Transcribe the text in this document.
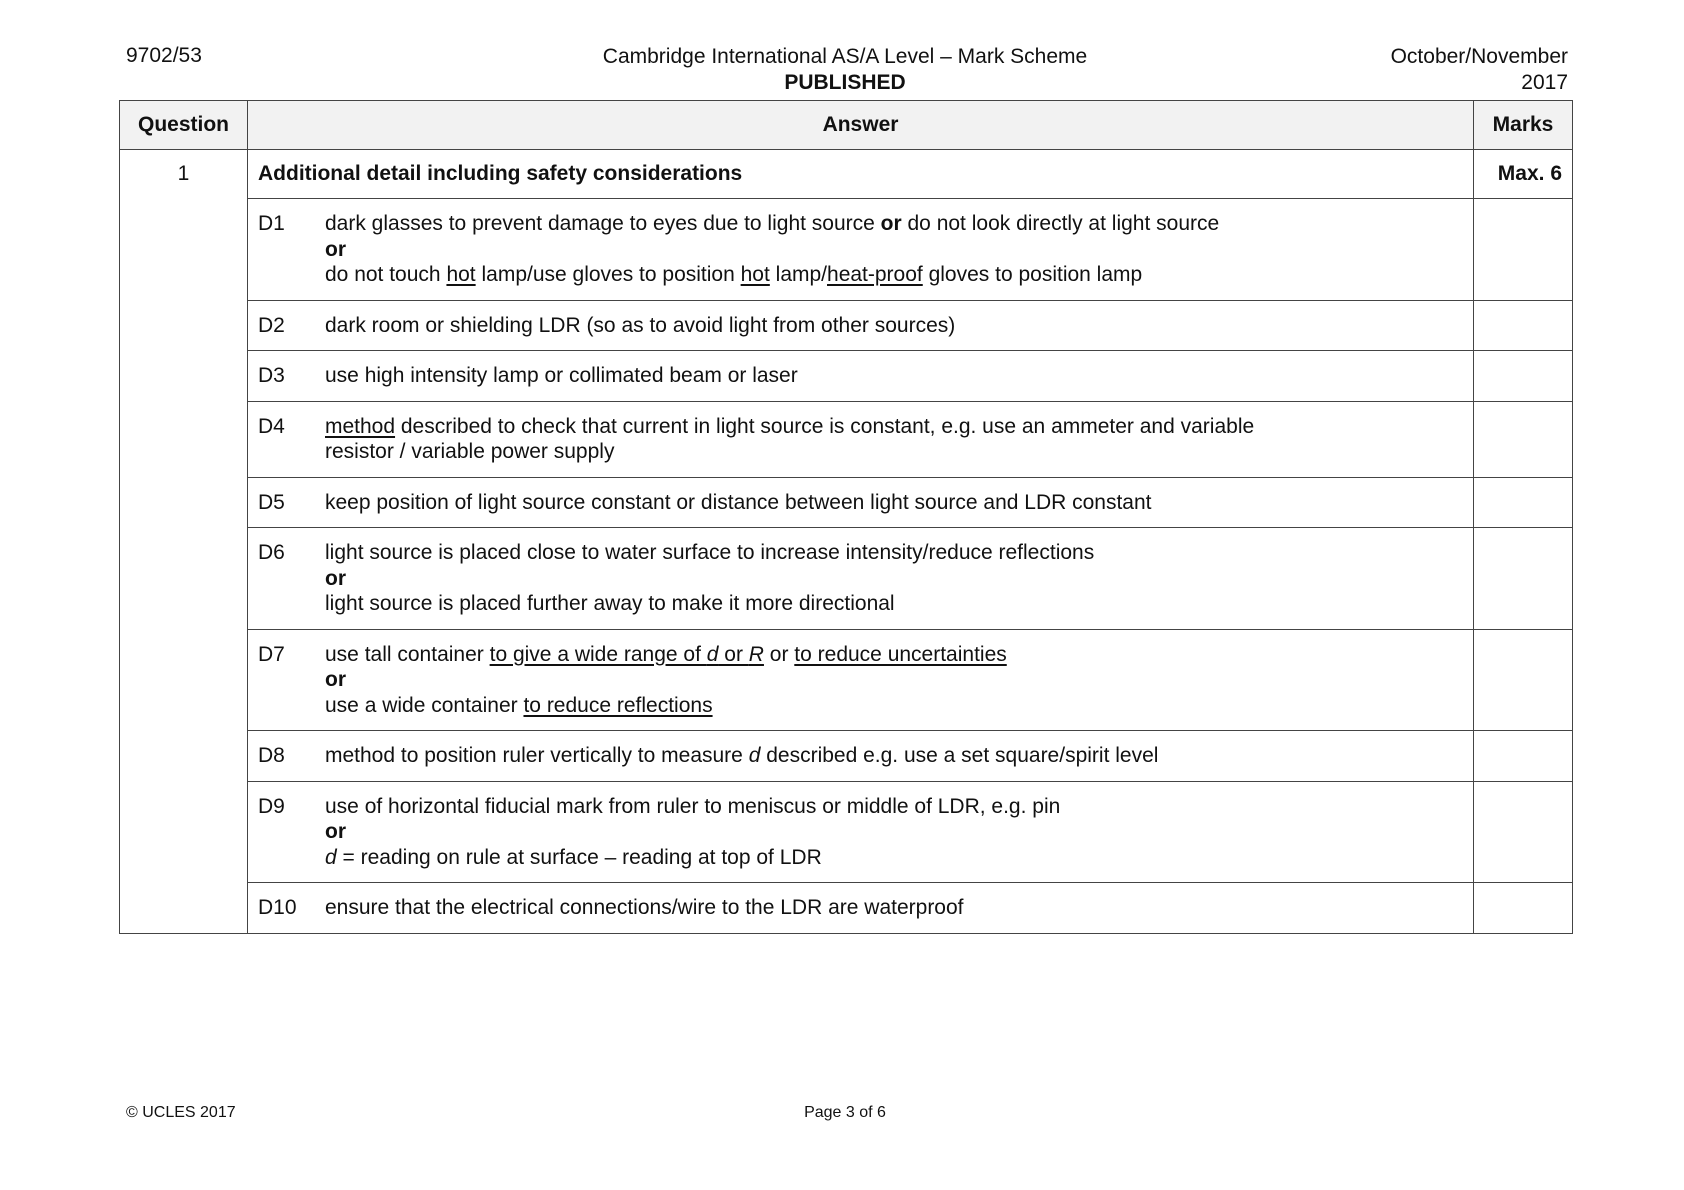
9702/53	Cambridge International AS/A Level – Mark Scheme
PUBLISHED
October/November
2017
Question	Answer	Marks
1	Additional detail including safety considerations	Max. 6

	D1 dark glasses to prevent damage to eyes due to light source or do not look directly at light source
or
do not touch hot lamp/use gloves to position hot lamp/heat-proof gloves to position lamp	

	D2 dark room or shielding LDR (so as to avoid light from other sources)	

	D3 use high intensity lamp or collimated beam or laser	

	D4 method described to check that current in light source is constant, e.g. use an ammeter and variable
resistor / variable power supply	

	D5 keep position of light source constant or distance between light source and LDR constant	

	D6 light source is placed close to water surface to increase intensity/reduce reflections
or
light source is placed further away to make it more directional	

	D7 use tall container to give a wide range of d or R or to reduce uncertainties
or
use a wide container to reduce reflections	

	D8 method to position ruler vertically to measure d described e.g. use a set square/spirit level	

	D9 use of horizontal fiducial mark from ruler to meniscus or middle of LDR, e.g. pin
or
d = reading on rule at surface – reading at top of LDR	

	D10 ensure that the electrical connections/wire to the LDR are waterproof	

© UCLES 2017	Page 3 of 6
